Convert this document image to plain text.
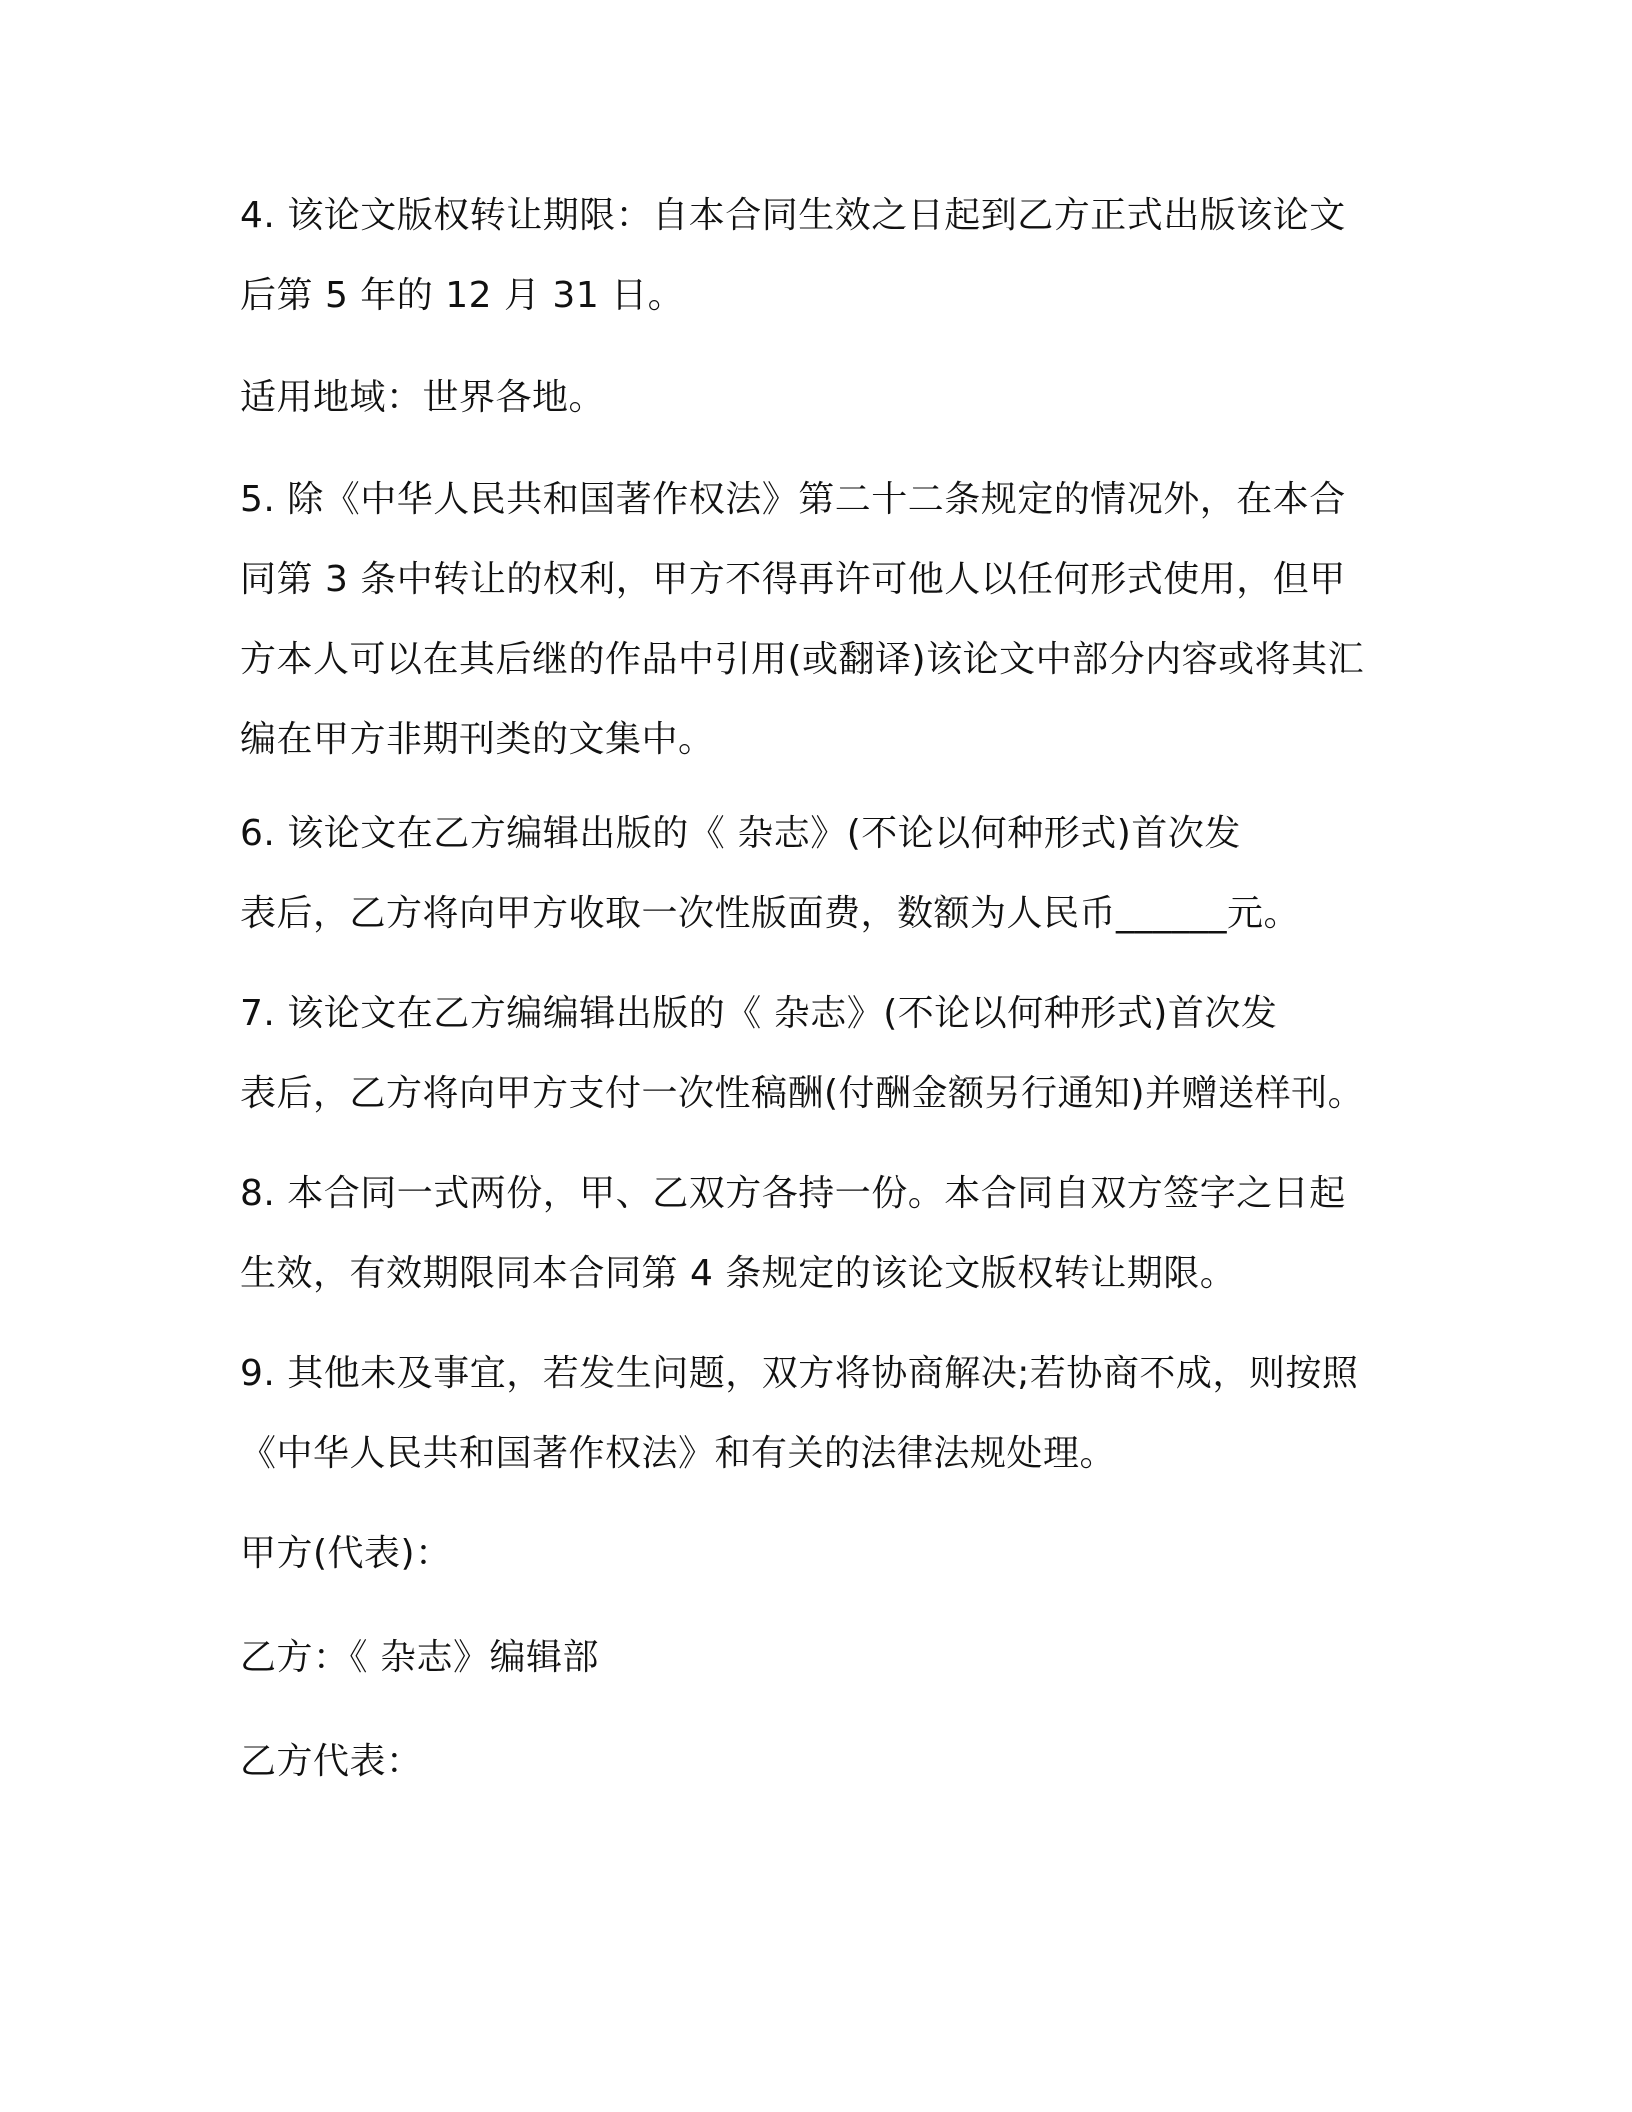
4. 该论文版权转让期限：自本合同生效之日起到乙方正式出版该论文
后第 5 年的 12 月 31 日。
适用地域：世界各地。
5. 除《中华人民共和国著作权法》第二十二条规定的情况外，在本合
同第 3 条中转让的权利，甲方不得再许可他人以任何形式使用，但甲
方本人可以在其后继的作品中引用(或翻译)该论文中部分内容或将其汇
编在甲方非期刊类的文集中。
6. 该论文在乙方编辑出版的《 杂志》(不论以何种形式)首次发
表后，乙方将向甲方收取一次性版面费，数额为人民币______元。
7. 该论文在乙方编编辑出版的《 杂志》(不论以何种形式)首次发
表后，乙方将向甲方支付一次性稿酬(付酬金额另行通知)并赠送样刊。
8. 本合同一式两份，甲、乙双方各持一份。本合同自双方签字之日起
生效，有效期限同本合同第 4 条规定的该论文版权转让期限。
9. 其他未及事宜，若发生问题，双方将协商解决;若协商不成，则按照
《中华人民共和国著作权法》和有关的法律法规处理。
甲方(代表)：
乙方：《 杂志》编辑部
乙方代表：
